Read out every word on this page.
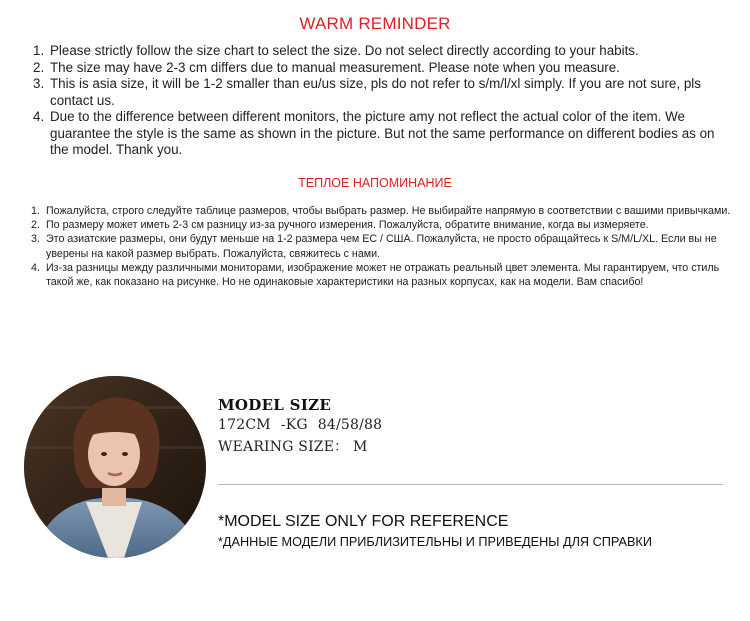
WARM REMINDER
1. Please strictly follow the size chart to select the size. Do not select directly according to your habits.
2. The size may have 2-3 cm differs due to manual measurement. Please note when you measure.
3. This is asia size, it will be 1-2 smaller than eu/us size, pls do not refer to s/m/l/xl simply. If you are not sure, pls contact us.
4. Due to the difference between different monitors, the picture amy not reflect the actual color of the item. We guarantee the style is the same as shown in the picture. But not the same performance on different bodies as on the model. Thank you.
ТЕПЛОЕ НАПОМИНАНИЕ
1. Пожалуйста, строго следуйте таблице размеров, чтобы выбрать размер. Не выбирайте напрямую в соответствии с вашими привычками.
2. По размеру может иметь 2-3 см разницу из-за ручного измерения. Пожалуйста, обратите внимание, когда вы измеряете.
3. Это азиатские размеры, они будут меньше на 1-2 размера чем ЕС / США. Пожалуйста, не просто обращайтесь к S/M/L/XL. Если вы не уверены на какой размер выбрать. Пожалуйста, свяжитесь с нами.
4. Из-за разницы между различными мониторами, изображение может не отражать реальный цвет элемента. Мы гарантируем, что стиль такой же, как показано на рисунке. Но не одинаковые характеристики на разных корпусах, как на модели. Вам спасибо!
MODEL SIZE
172CM -KG 84/58/88
WEARING SIZE： M
*MODEL SIZE ONLY FOR REFERENCE
*ДАННЫЕ МОДЕЛИ ПРИБЛИЗИТЕЛЬНЫ И ПРИВЕДЕНЫ ДЛЯ СПРАВКИ
